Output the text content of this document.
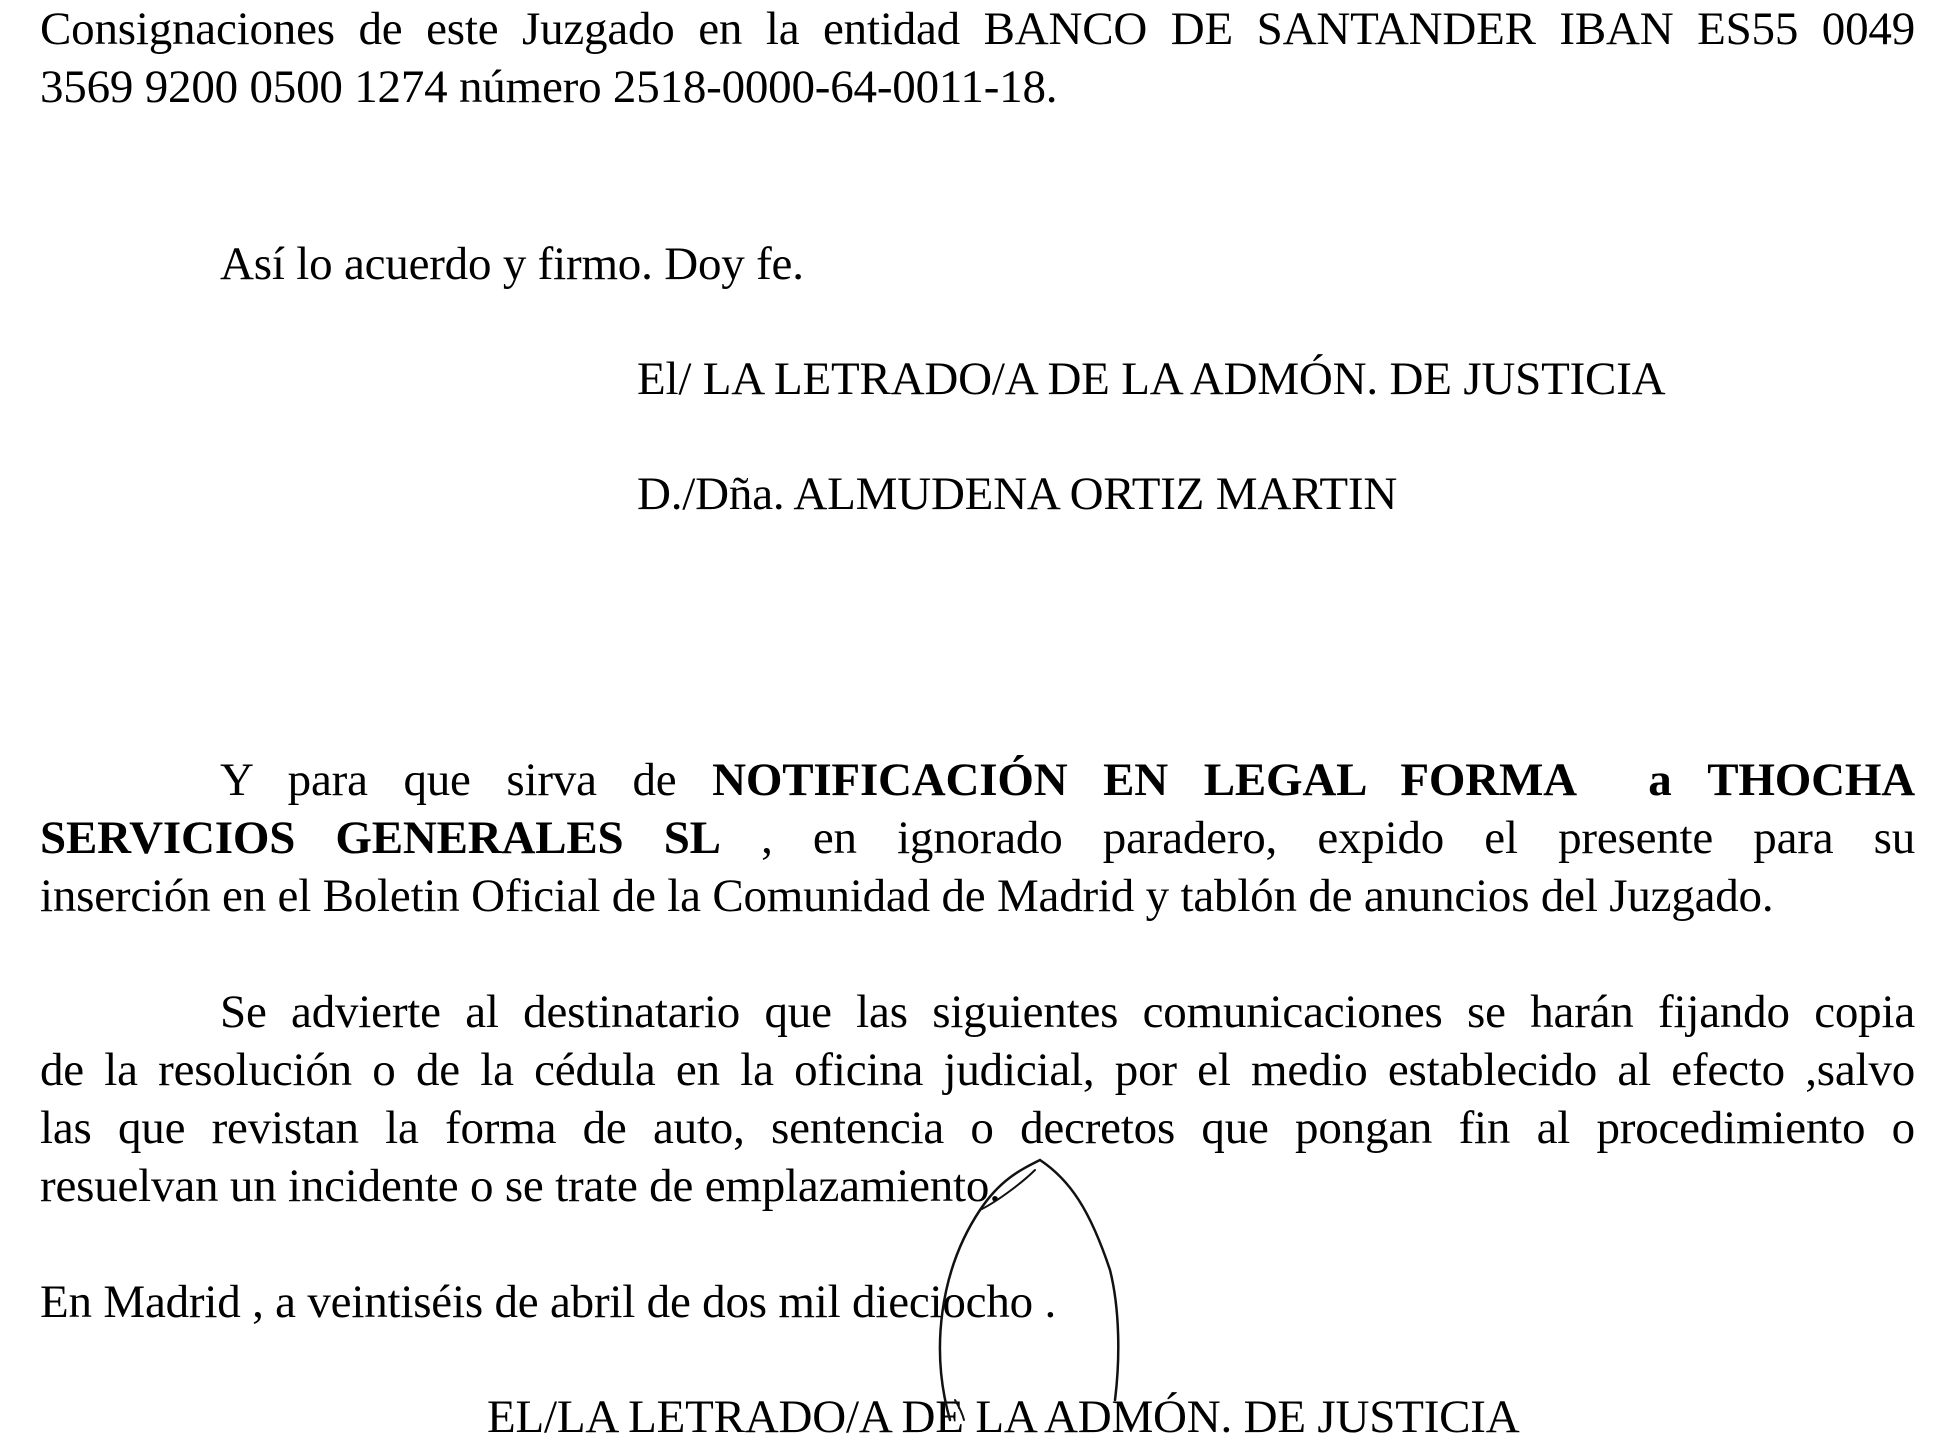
Consignaciones de este Juzgado en la entidad BANCO DE SANTANDER IBAN ES55 0049
3569 9200 0500 1274 número 2518-0000-64-0011-18.
Así lo acuerdo y firmo. Doy fe.
El/ LA LETRADO/A DE LA ADMÓN. DE JUSTICIA
D./Dña. ALMUDENA ORTIZ MARTIN
Y para que sirva de NOTIFICACIÓN EN LEGAL FORMA a THOCHA
SERVICIOS GENERALES SL , en ignorado paradero, expido el presente para su
inserción en el Boletin Oficial de la Comunidad de Madrid y tablón de anuncios del Juzgado.
Se advierte al destinatario que las siguientes comunicaciones se harán fijando copia
de la resolución o de la cédula en la oficina judicial, por el medio establecido al efecto ,salvo
las que revistan la forma de auto, sentencia o decretos que pongan fin al procedimiento o
resuelvan un incidente o se trate de emplazamiento.
En Madrid , a veintiséis de abril de dos mil dieciocho .
EL/LA LETRADO/A DE LA ADMÓN. DE JUSTICIA
